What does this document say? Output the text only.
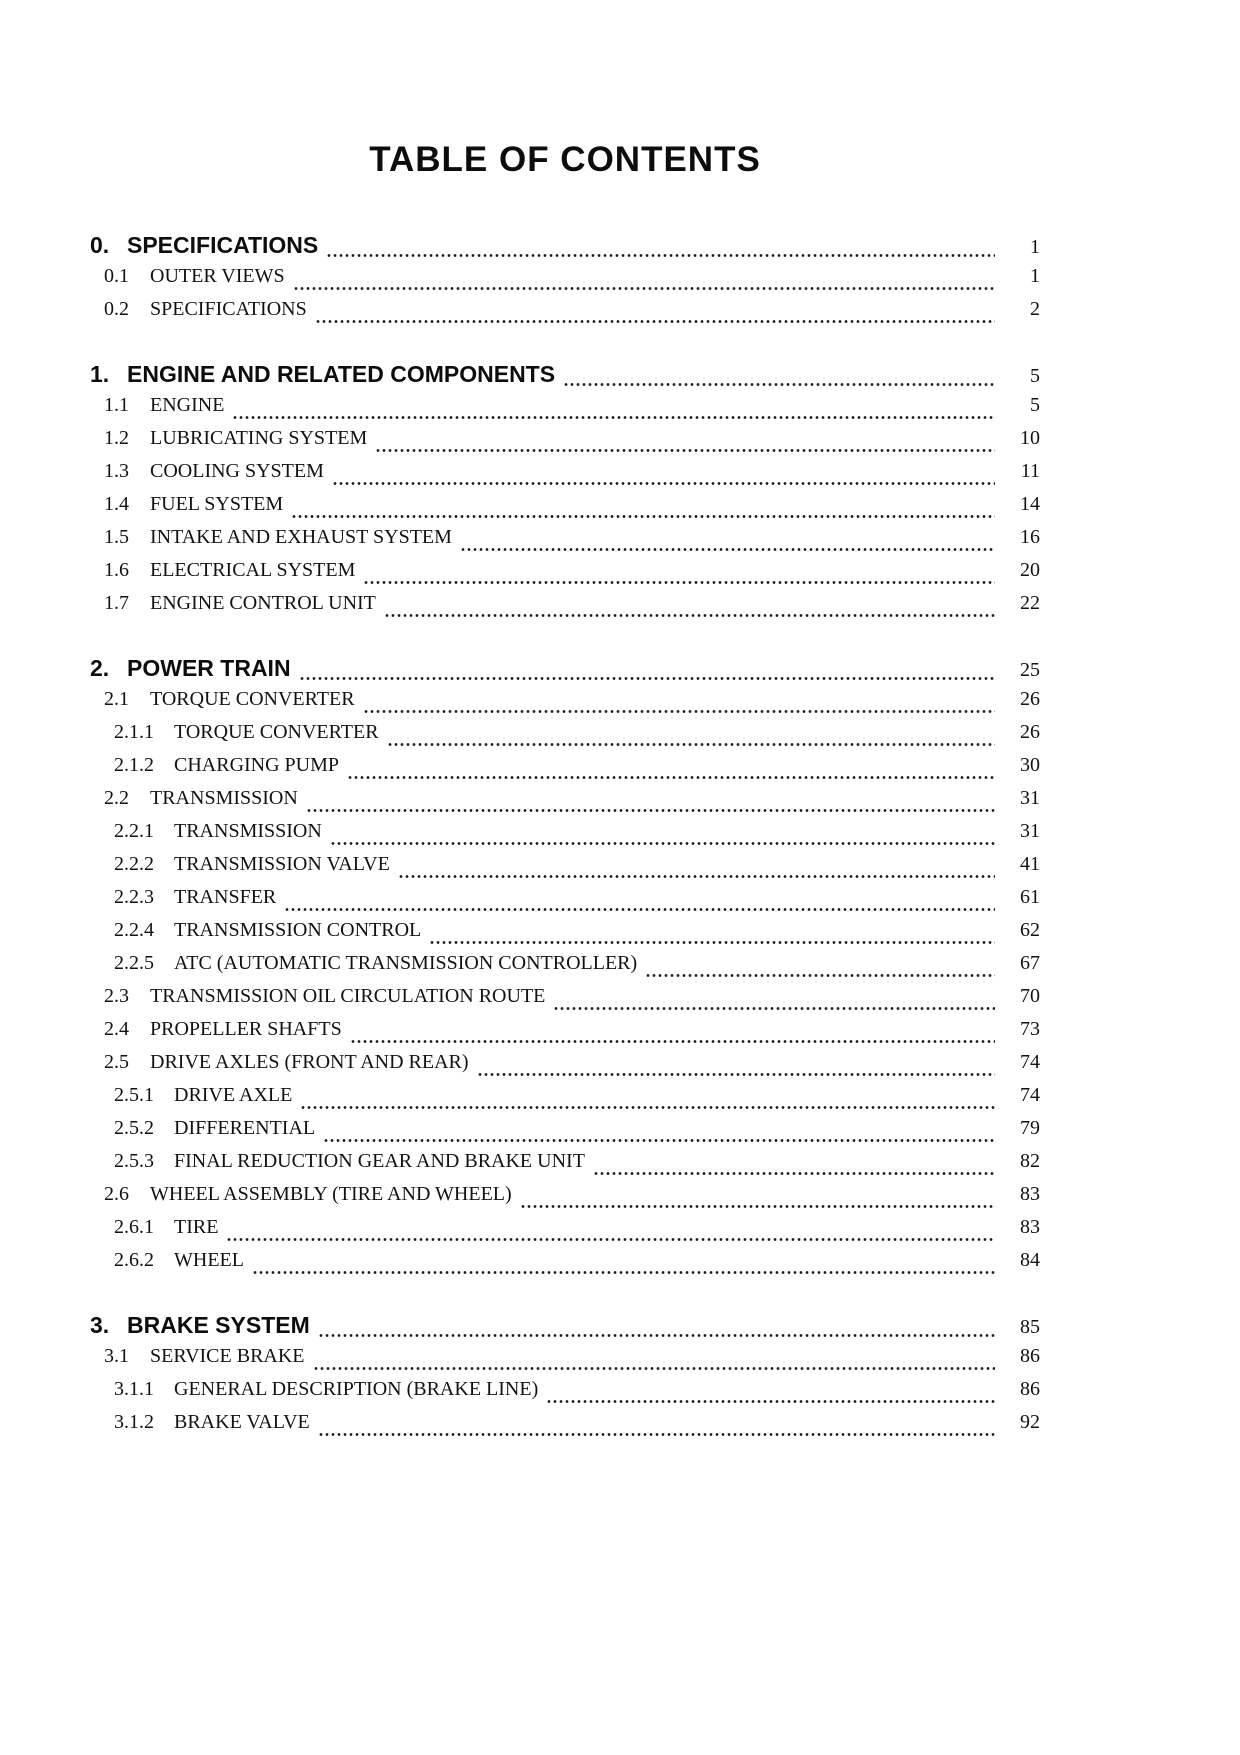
TABLE OF CONTENTS
0. SPECIFICATIONS	1
0.1	OUTER VIEWS	1
0.2	SPECIFICATIONS	2
1. ENGINE AND RELATED COMPONENTS	5
1.1	ENGINE	5
1.2	LUBRICATING SYSTEM	10
1.3	COOLING SYSTEM	11
1.4	FUEL SYSTEM	14
1.5	INTAKE AND EXHAUST SYSTEM	16
1.6	ELECTRICAL SYSTEM	20
1.7	ENGINE CONTROL UNIT	22
2. POWER TRAIN	25
2.1	TORQUE CONVERTER	26
2.1.1	TORQUE CONVERTER	26
2.1.2	CHARGING PUMP	30
2.2	TRANSMISSION	31
2.2.1	TRANSMISSION	31
2.2.2	TRANSMISSION VALVE	41
2.2.3	TRANSFER	61
2.2.4	TRANSMISSION CONTROL	62
2.2.5	ATC (AUTOMATIC TRANSMISSION CONTROLLER)	67
2.3	TRANSMISSION OIL CIRCULATION ROUTE	70
2.4	PROPELLER SHAFTS	73
2.5	DRIVE AXLES (FRONT AND REAR)	74
2.5.1	DRIVE AXLE	74
2.5.2	DIFFERENTIAL	79
2.5.3	FINAL REDUCTION GEAR AND BRAKE UNIT	82
2.6	WHEEL ASSEMBLY (TIRE AND WHEEL)	83
2.6.1	TIRE	83
2.6.2	WHEEL	84
3. BRAKE SYSTEM	85
3.1	SERVICE BRAKE	86
3.1.1	GENERAL DESCRIPTION (BRAKE LINE)	86
3.1.2	BRAKE VALVE	92
